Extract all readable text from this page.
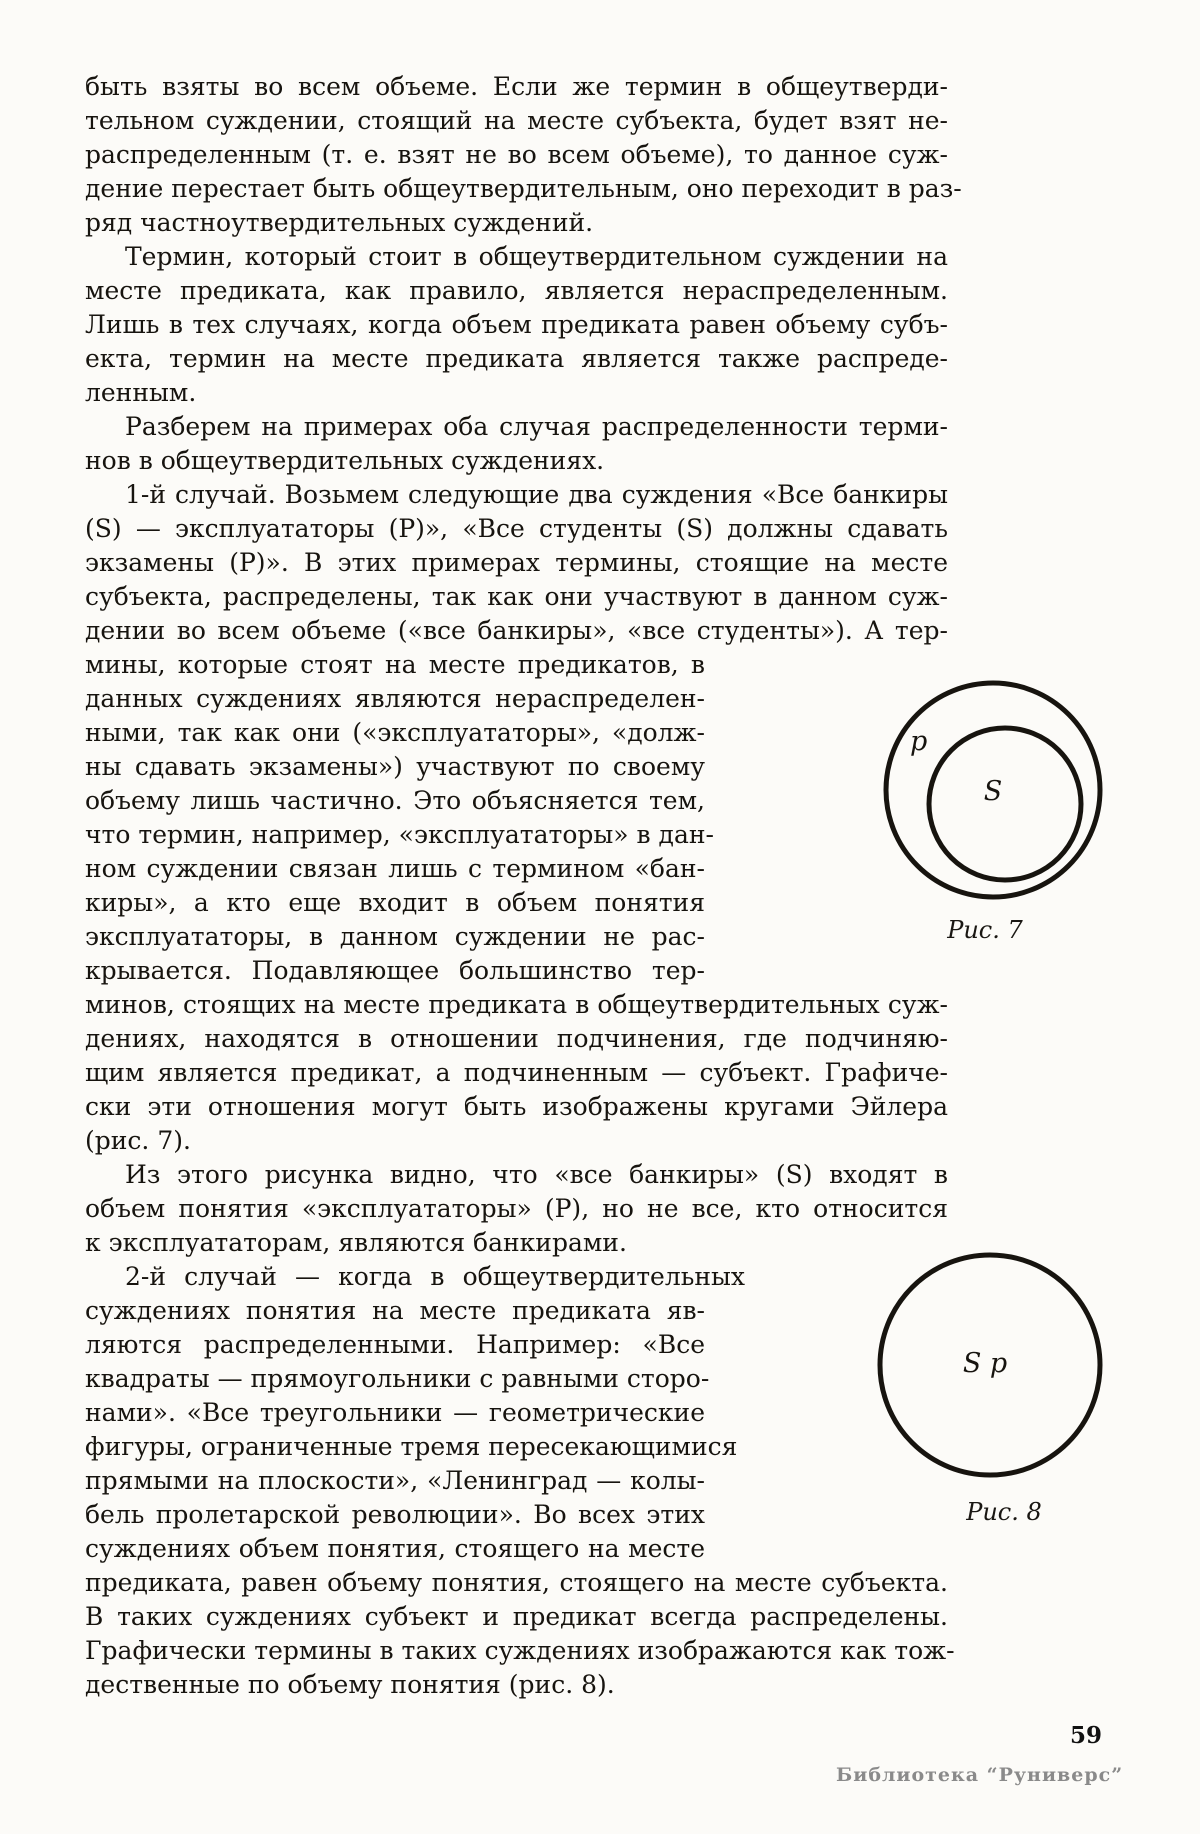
быть взяты во всем объеме. Если же термин в общеутверди-
тельном суждении, стоящий на месте субъекта, будет взят не-
распределенным (т. е. взят не во всем объеме), то данное суж-
дение перестает быть общеутвердительным, оно переходит в раз-
ряд частноутвердительных суждений.
Термин, который стоит в общеутвердительном суждении на
месте предиката, как правило, является нераспределенным.
Лишь в тех случаях, когда объем предиката равен объему субъ-
екта, термин на месте предиката является также распреде-
ленным.
Разберем на примерах оба случая распределенности терми-
нов в общеутвердительных суждениях.
1-й случай. Возьмем следующие два суждения «Все банкиры
(S) — эксплуататоры (P)», «Все студенты (S) должны сдавать
экзамены (P)». В этих примерах термины, стоящие на месте
субъекта, распределены, так как они участвуют в данном суж-
дении во всем объеме («все банкиры», «все студенты»). А тер-
мины, которые стоят на месте предикатов, в
данных суждениях являются нераспределен-
ными, так как они («эксплуататоры», «долж-
ны сдавать экзамены») участвуют по своему
объему лишь частично. Это объясняется тем,
что термин, например, «эксплуататоры» в дан-
ном суждении связан лишь с термином «бан-
киры», а кто еще входит в объем понятия
эксплуататоры, в данном суждении не рас-
крывается. Подавляющее большинство тер-
минов, стоящих на месте предиката в общеутвердительных суж-
дениях, находятся в отношении подчинения, где подчиняю-
щим является предикат, а подчиненным — субъект. Графиче-
ски эти отношения могут быть изображены кругами Эйлера
(рис. 7).
Из этого рисунка видно, что «все банкиры» (S) входят в
объем понятия «эксплуататоры» (P), но не все, кто относится
к эксплуататорам, являются банкирами.
2-й случай — когда в общеутвердительных
суждениях понятия на месте предиката яв-
ляются распределенными. Например: «Все
квадраты — прямоугольники с равными сторо-
нами». «Все треугольники — геометрические
фигуры, ограниченные тремя пересекающимися
прямыми на плоскости», «Ленинград — колы-
бель пролетарской революции». Во всех этих
суждениях объем понятия, стоящего на месте
предиката, равен объему понятия, стоящего на месте субъекта.
В таких суждениях субъект и предикат всегда распределены.
Графически термины в таких суждениях изображаются как тож-
дественные по объему понятия (рис. 8).
p
S
Рис. 7
S p
Рис. 8
59
Библиотека “Руниверс”
